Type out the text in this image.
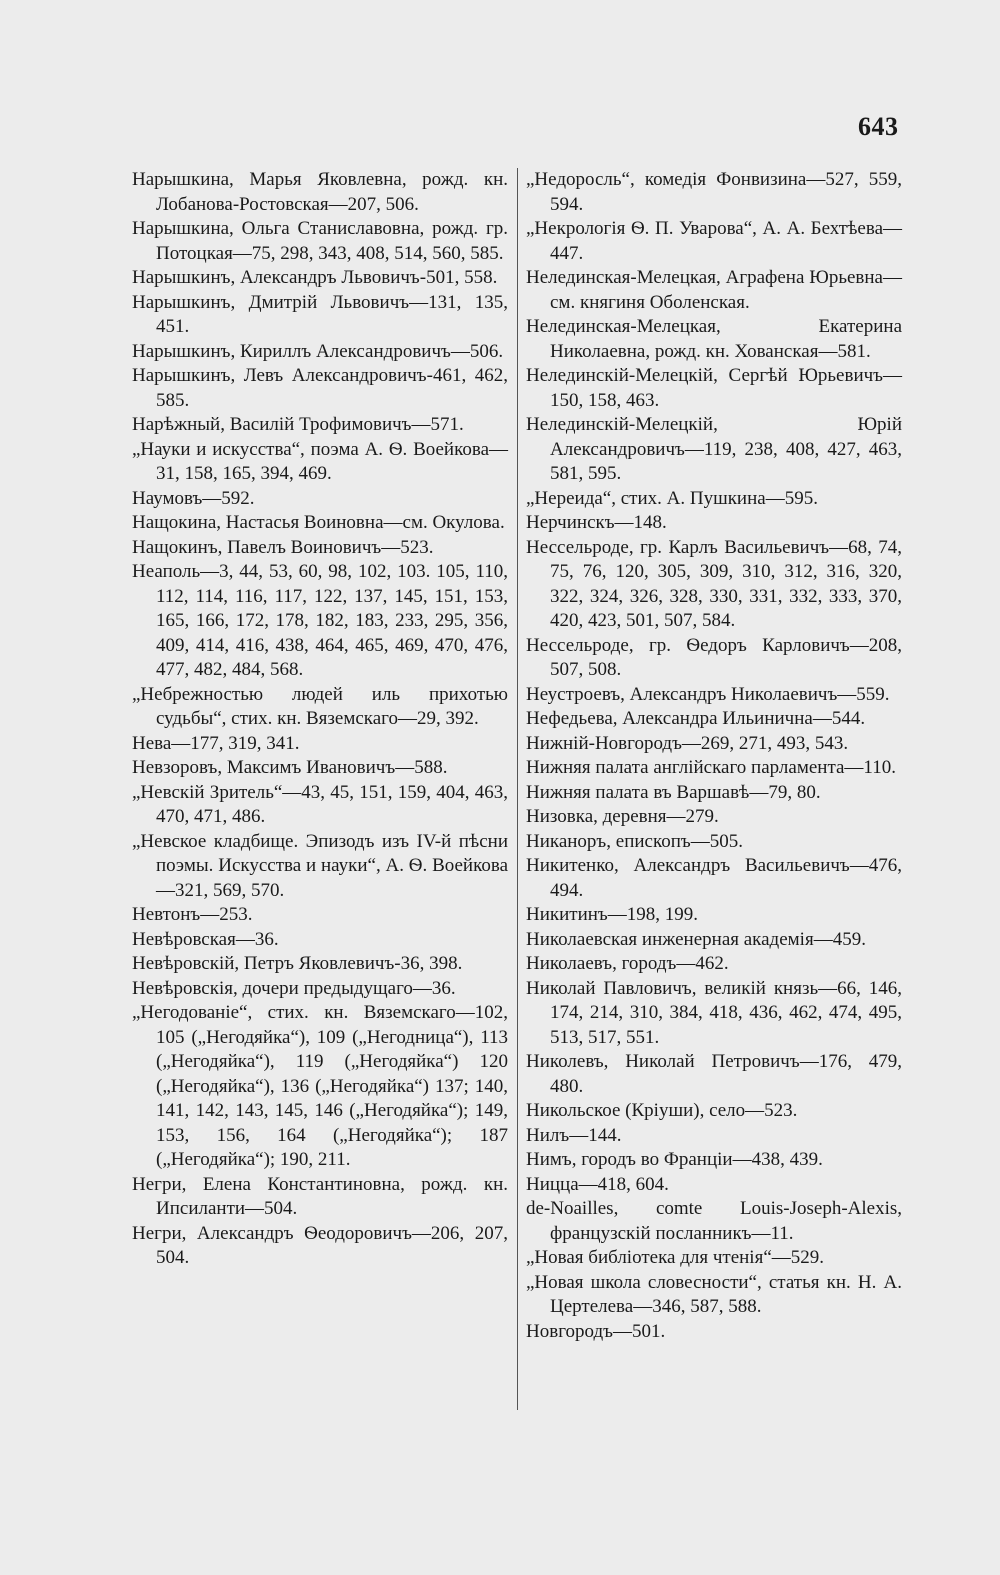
643

Нарышкина, Марья Яковлевна, рожд. кн. Лобанова-Ростовская—207, 506.

Нарышкина, Ольга Станиславовна, рожд. гр. Потоцкая—75, 298, 343, 408, 514, 560, 585.

Нарышкинъ, Александръ Львовичъ-501, 558.

Нарышкинъ, Дмитрій Львовичъ—131, 135, 451.

Нарышкинъ, Кириллъ Александровичъ—506.

Нарышкинъ, Левъ Александровичъ-461, 462, 585.

Нарѣжный, Василій Трофимовичъ—571.

„Науки и искусства“, поэма А. Ѳ. Воейкова—31, 158, 165, 394, 469.

Наумовъ—592.

Нащокина, Настасья Воиновна—см. Окулова.

Нащокинъ, Павелъ Воиновичъ—523.

Неаполь—3, 44, 53, 60, 98, 102, 103. 105, 110, 112, 114, 116, 117, 122, 137, 145, 151, 153, 165, 166, 172, 178, 182, 183, 233, 295, 356, 409, 414, 416, 438, 464, 465, 469, 470, 476, 477, 482, 484, 568.

„Небрежностью людей иль прихотью судьбы“, стих. кн. Вяземскаго—29, 392.

Нева—177, 319, 341.

Невзоровъ, Максимъ Ивановичъ—588.

„Невскій Зритель“—43, 45, 151, 159, 404, 463, 470, 471, 486.

„Невское кладбище. Эпизодъ изъ IV-й пѣсни поэмы. Искусства и науки“, А. Ѳ. Воейкова—321, 569, 570.

Невтонъ—253.

Невѣровская—36.

Невѣровскій, Петръ Яковлевичъ-36, 398.

Невѣровскія, дочери предыдущаго—36.

„Негодованіе“, стих. кн. Вяземскаго—102, 105 („Негодяйка“), 109 („Негодница“), 113 („Негодяйка“), 119 („Негодяйка“) 120 („Негодяйка“), 136 („Негодяйка“) 137; 140, 141, 142, 143, 145, 146 („Негодяйка“); 149, 153, 156, 164 („Негодяйка“); 187 („Негодяйка“); 190, 211.

Негри, Елена Константиновна, рожд. кн. Ипсиланти—504.

Негри, Александръ Ѳеодоровичъ—206, 207, 504.

„Недоросль“, комедія Фонвизина—527, 559, 594.

„Некрологія Ѳ. П. Уварова“, А. А. Бехтѣева—447.

Нелединская-Мелецкая, Аграфена Юрьевна—см. княгиня Оболенская.

Нелединская-Мелецкая, Екатерина Николаевна, рожд. кн. Хованская—581.

Нелединскій-Мелецкій, Сергѣй Юрьевичъ—150, 158, 463.

Нелединскій-Мелецкій, Юрій Александровичъ—119, 238, 408, 427, 463, 581, 595.

„Нереида“, стих. А. Пушкина—595.

Нерчинскъ—148.

Нессельроде, гр. Карлъ Васильевичъ—68, 74, 75, 76, 120, 305, 309, 310, 312, 316, 320, 322, 324, 326, 328, 330, 331, 332, 333, 370, 420, 423, 501, 507, 584.

Нессельроде, гр. Ѳедоръ Карловичъ—208, 507, 508.

Неустроевъ, Александръ Николаевичъ—559.

Нефедьева, Александра Ильинична—544.

Нижній-Новгородъ—269, 271, 493, 543.

Нижняя палата англійскаго парламента—110.

Нижняя палата въ Варшавѣ—79, 80.

Низовка, деревня—279.

Никаноръ, епископъ—505.

Никитенко, Александръ Васильевичъ—476, 494.

Никитинъ—198, 199.

Николаевская инженерная академія—459.

Николаевъ, городъ—462.

Николай Павловичъ, великій князь—66, 146, 174, 214, 310, 384, 418, 436, 462, 474, 495, 513, 517, 551.

Николевъ, Николай Петровичъ—176, 479, 480.

Никольское (Кріуши), село—523.

Нилъ—144.

Нимъ, городъ во Франціи—438, 439.

Ницца—418, 604.

de-Noailles, comte Louis-Joseph-Alexis, французскій посланникъ—11.

„Новая библіотека для чтенія“—529.

„Новая школа словесности“, статья кн. Н. А. Цертелева—346, 587, 588.

Новгородъ—501.
